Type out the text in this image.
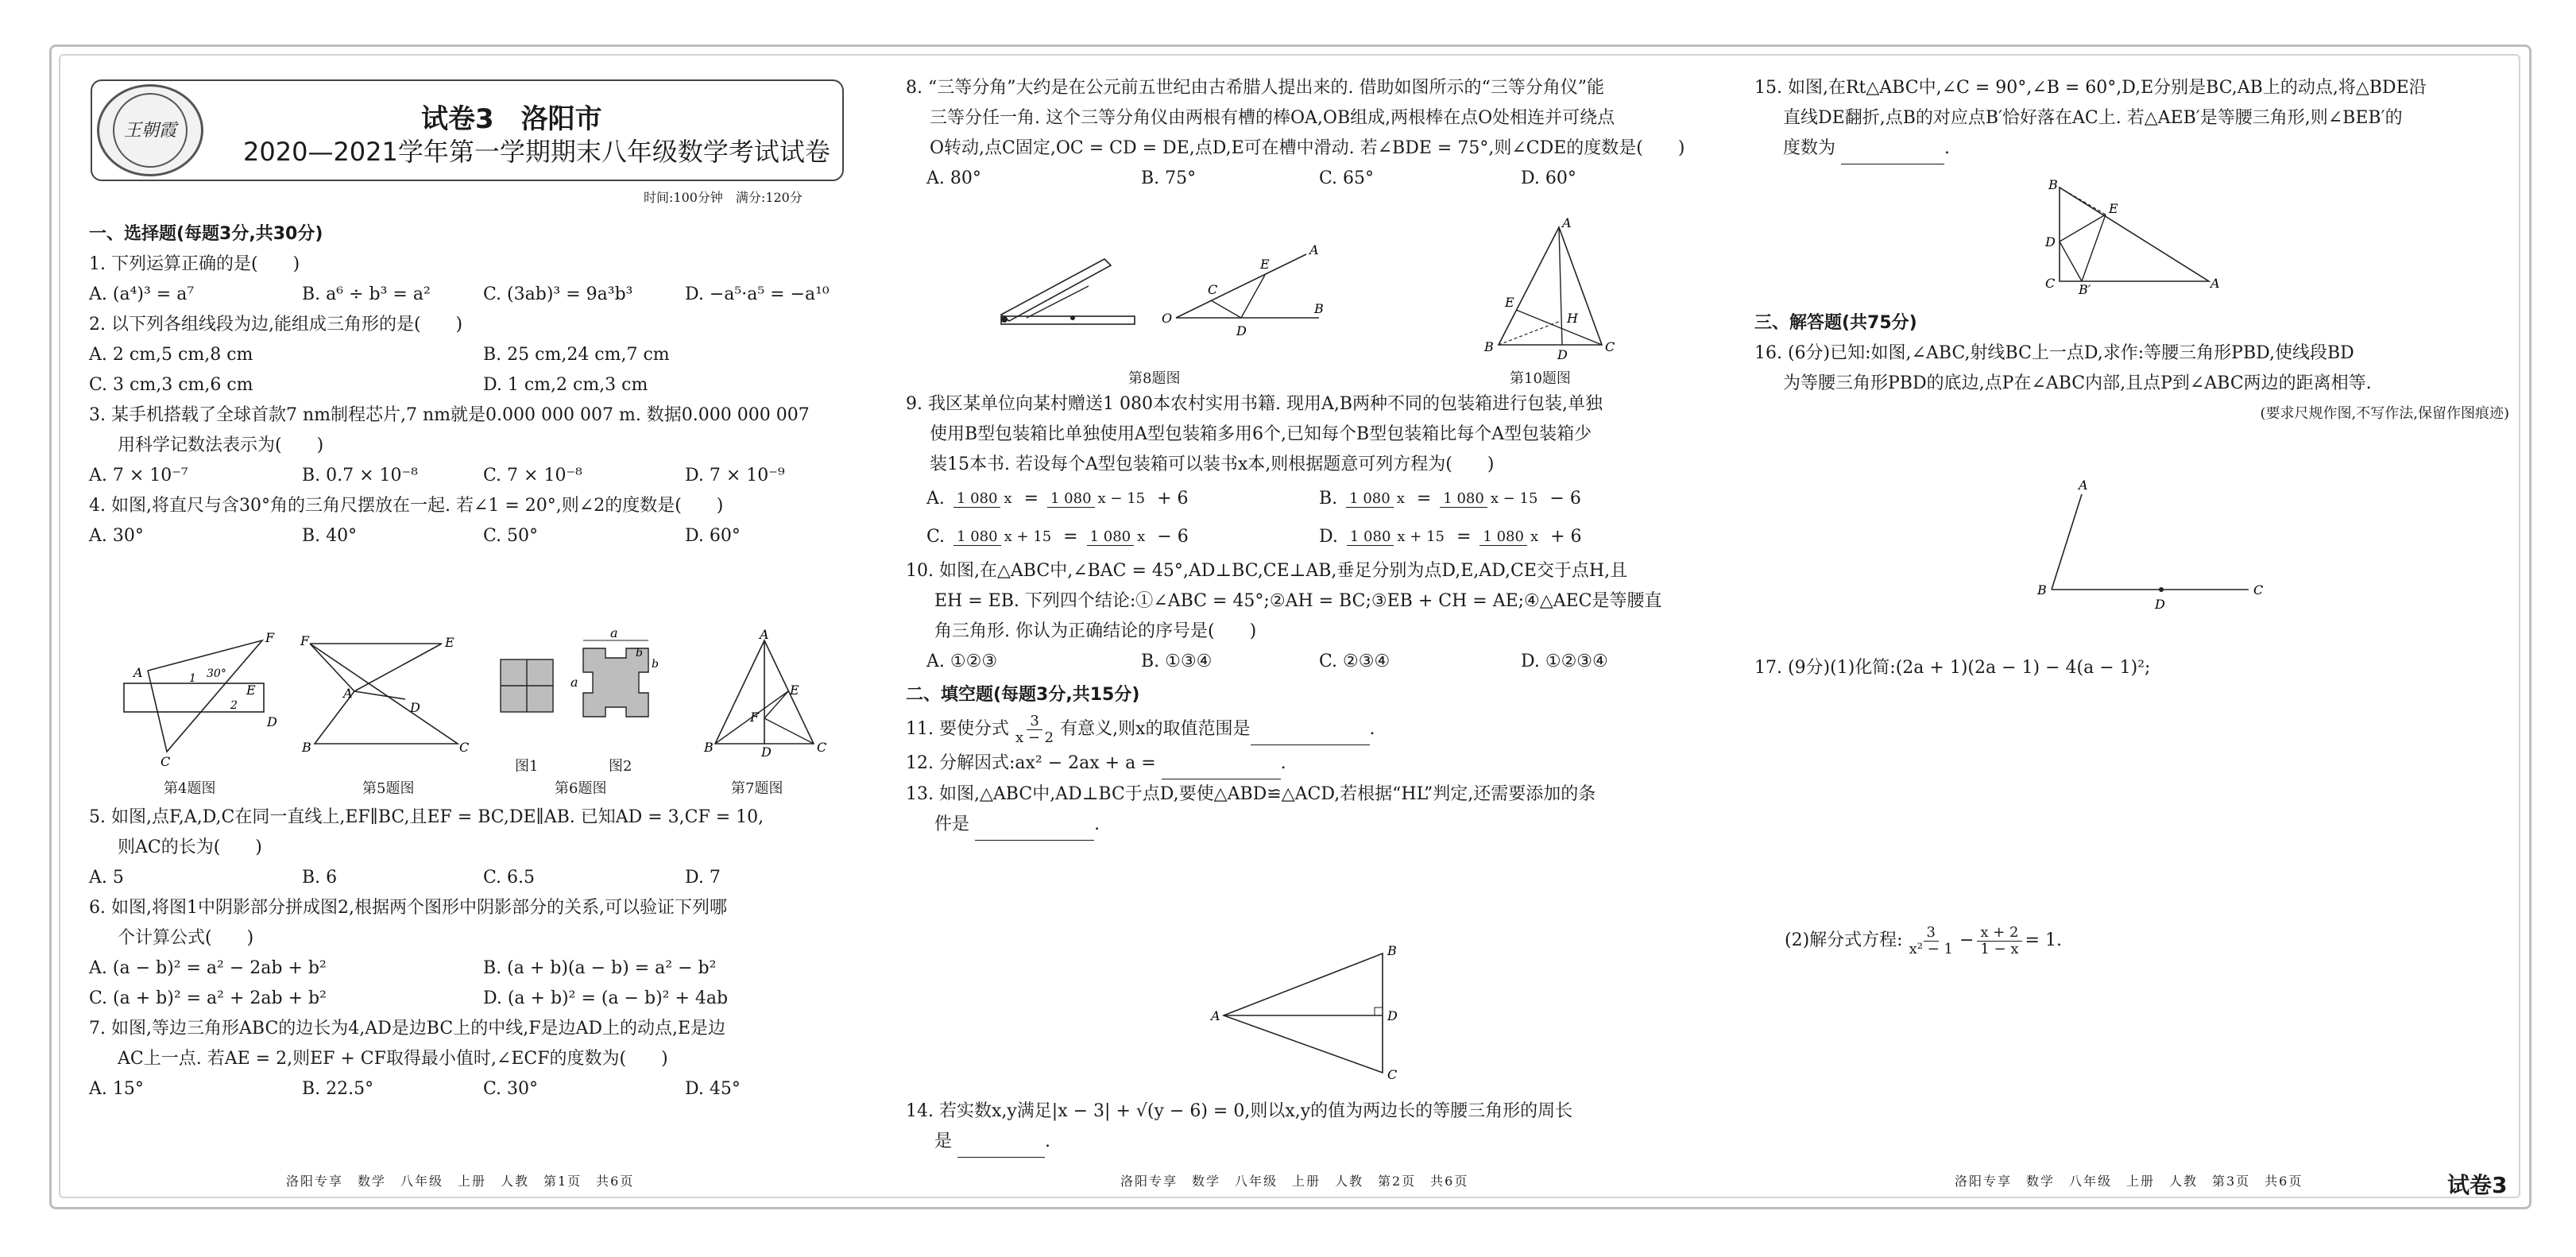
王朝霞	试卷3　洛阳市
2020—2021学年第一学期期末八年级数学考试试卷
时间:100分钟　满分:120分

一、选择题(每题3分,共30分)

1. 下列运算正确的是(　　)

A. (a⁴)³ = a⁷	B. a⁶ ÷ b³ = a²	C. (3ab)³ = 9a³b³	D. −a⁵·a⁵ = −a¹⁰

2. 以下列各组线段为边,能组成三角形的是(　　)

A. 2 cm,5 cm,8 cm	B. 25 cm,24 cm,7 cm
C. 3 cm,3 cm,6 cm	D. 1 cm,2 cm,3 cm

3. 某手机搭载了全球首款7 nm制程芯片,7 nm就是0.000 000 007 m. 数据0.000 000 007

用科学记数法表示为(　　)

A. 7 × 10⁻⁷	B. 0.7 × 10⁻⁸	C. 7 × 10⁻⁸	D. 7 × 10⁻⁹

4. 如图,将直尺与含30°角的三角尺摆放在一起. 若∠1 = 20°,则∠2的度数是(　　)

A. 30°	B. 40°	C. 50°	D. 60°
A
F
E
D
C
1 30°
2
第4题图
F	E
A
D
B	C
第5题图
a
a
b
b
图1	图2
第6题图
A
E
F
B	D	C
第7题图

5. 如图,点F,A,D,C在同一直线上,EF∥BC,且EF = BC,DE∥AB. 已知AD = 3,CF = 10,

则AC的长为(　　)

A. 5	B. 6	C. 6.5	D. 7

6. 如图,将图1中阴影部分拼成图2,根据两个图形中阴影部分的关系,可以验证下列哪

个计算公式(　　)

A. (a − b)² = a² − 2ab + b²	B. (a + b)(a − b) = a² − b²
C. (a + b)² = a² + 2ab + b²	D. (a + b)² = (a − b)² + 4ab

7. 如图,等边三角形ABC的边长为4,AD是边BC上的中线,F是边AD上的动点,E是边

AC上一点. 若AE = 2,则EF + CF取得最小值时,∠ECF的度数为(　　)

A. 15°	B. 22.5°	C. 30°	D. 45°

8. “三等分角”大约是在公元前五世纪由古希腊人提出来的. 借助如图所示的“三等分角仪”能

三等分任一角. 这个三等分角仪由两根有槽的棒OA,OB组成,两根棒在点O处相连并可绕点

O转动,点C固定,OC = CD = DE,点D,E可在槽中滑动. 若∠BDE = 75°,则∠CDE的度数是(　　)

A. 80°	B. 75°	C. 65°	D. 60°
O
C
E
A
D
B
第8题图
A
E
H
B
D
C
第10题图

9. 我区某单位向某村赠送1 080本农村实用书籍. 现用A,B两种不同的包装箱进行包装,单独

使用B型包装箱比单独使用A型包装箱多用6个,已知每个B型包装箱比每个A型包装箱少

装15本书. 若设每个A型包装箱可以装书x本,则根据题意可列方程为(　　)

A. 1 080 x = 1 080 x − 15 + 6	B. 1 080 x = 1 080 x − 15 − 6
C. 1 080 x + 15 = 1 080 x − 6	D. 1 080 x + 15 = 1 080 x + 6

10. 如图,在△ABC中,∠BAC = 45°,AD⊥BC,CE⊥AB,垂足分别为点D,E,AD,CE交于点H,且

EH = EB. 下列四个结论:①∠ABC = 45°;②AH = BC;③EB + CH = AE;④△AEC是等腰直

角三角形. 你认为正确结论的序号是(　　)

A. ①②③	B. ①③④	C. ②③④	D. ①②③④

二、填空题(每题3分,共15分)

11. 要使分式 $\frac{3}{x - 2}$ 有意义,则x的取值范围是
	.

12. 分解因式:ax² − 2ax + a =	.

13. 如图,△ABC中,AD⊥BC于点D,要使△ABD≌△ACD,若根据“HL”判定,还需要添加的条

件是	.

A
B
D
C

14. 若实数x,y满足|x − 3| + √(y − 6) = 0,则以x,y的值为两边长的等腰三角形的周长

是	.

15. 如图,在Rt△ABC中,∠C = 90°,∠B = 60°,D,E分别是BC,AB上的动点,将△BDE沿

直线DE翻折,点B的对应点B′恰好落在AC上. 若△AEB′是等腰三角形,则∠BEB′的

度数为	.

B
E
D
C B′	A

三、解答题(共75分)

16. (6分)已知:如图,∠ABC,射线BC上一点D,求作:等腰三角形PBD,使线段BD

为等腰三角形PBD的底边,点P在∠ABC内部,且点P到∠ABC两边的距离相等.

(要求尺规作图,不写作法,保留作图痕迹)

A
B
D
C

17. (9分)(1)化简:(2a + 1)(2a − 1) − 4(a − 1)²;

(2)解分式方程: $\frac{3}{\text{x² − 1}} - \frac{x + 2}{1 - x} = 1$.

洛阳专享　数学　八年级　上册　人教　第1页　共6页	洛阳专享　数学　八年级　上册　人教　第2页　共6页	洛阳专享　数学　八年级　上册　人教　第3页　共6页	试卷3
